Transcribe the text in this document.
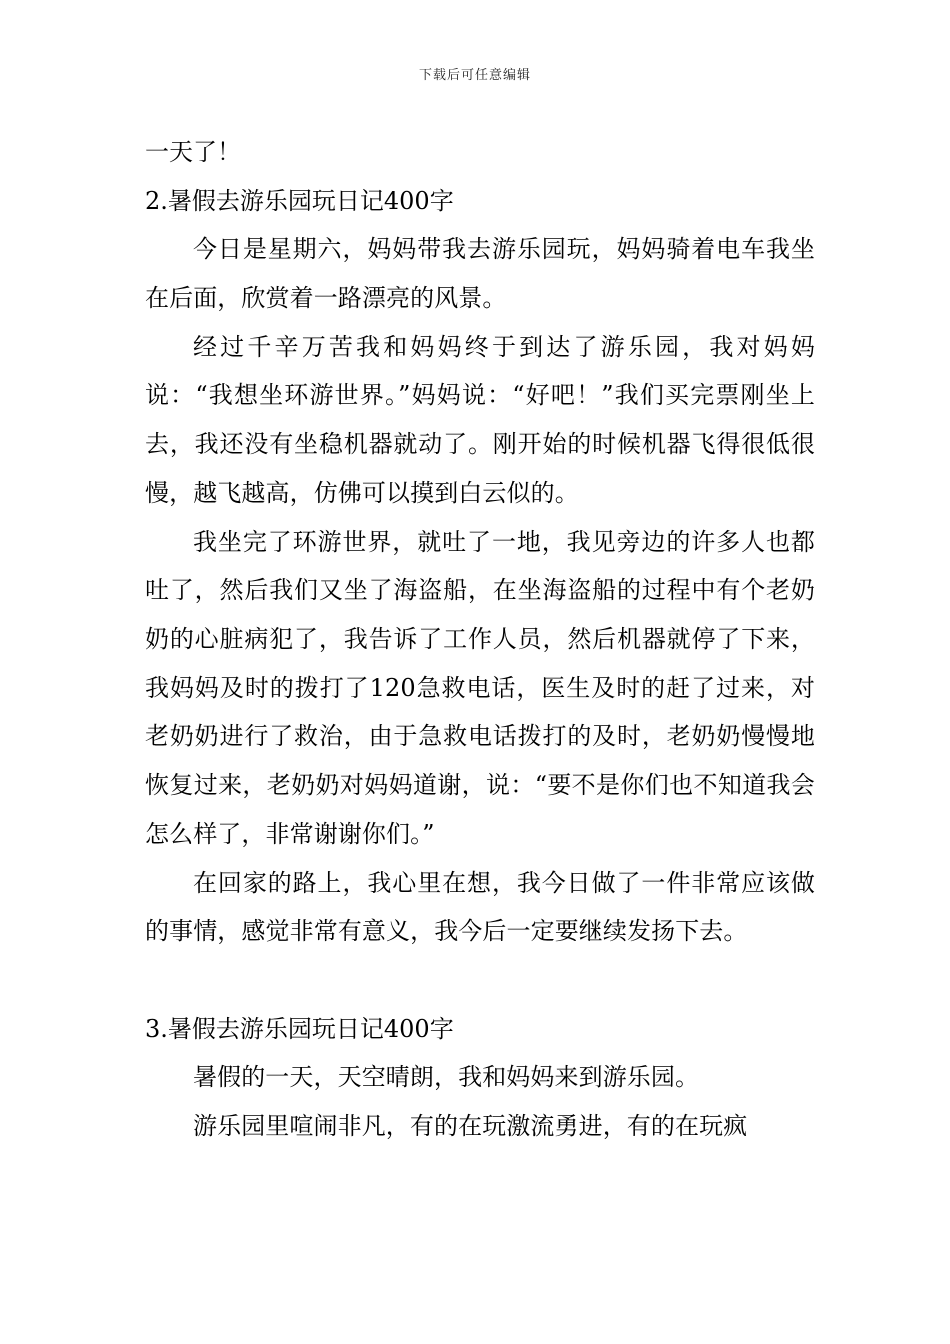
下载后可任意编辑
一天了！
2.暑假去游乐园玩日记400字

今日是星期六，妈妈带我去游乐园玩，妈妈骑着电车我坐在后面，欣赏着一路漂亮的风景。

经过千辛万苦我和妈妈终于到达了游乐园，我对妈妈说：“我想坐环游世界。”妈妈说：“好吧！”我们买完票刚坐上去，我还没有坐稳机器就动了。刚开始的时候机器飞得很低很慢，越飞越高，仿佛可以摸到白云似的。

我坐完了环游世界，就吐了一地，我见旁边的许多人也都吐了，然后我们又坐了海盗船，在坐海盗船的过程中有个老奶奶的心脏病犯了，我告诉了工作人员，然后机器就停了下来，我妈妈及时的拨打了120急救电话，医生及时的赶了过来，对老奶奶进行了救治，由于急救电话拨打的及时，老奶奶慢慢地恢复过来，老奶奶对妈妈道谢，说：“要不是你们也不知道我会怎么样了，非常谢谢你们。”

在回家的路上，我心里在想，我今日做了一件非常应该做的事情，感觉非常有意义，我今后一定要继续发扬下去。

3.暑假去游乐园玩日记400字

暑假的一天，天空晴朗，我和妈妈来到游乐园。

游乐园里喧闹非凡，有的在玩激流勇进，有的在玩疯
